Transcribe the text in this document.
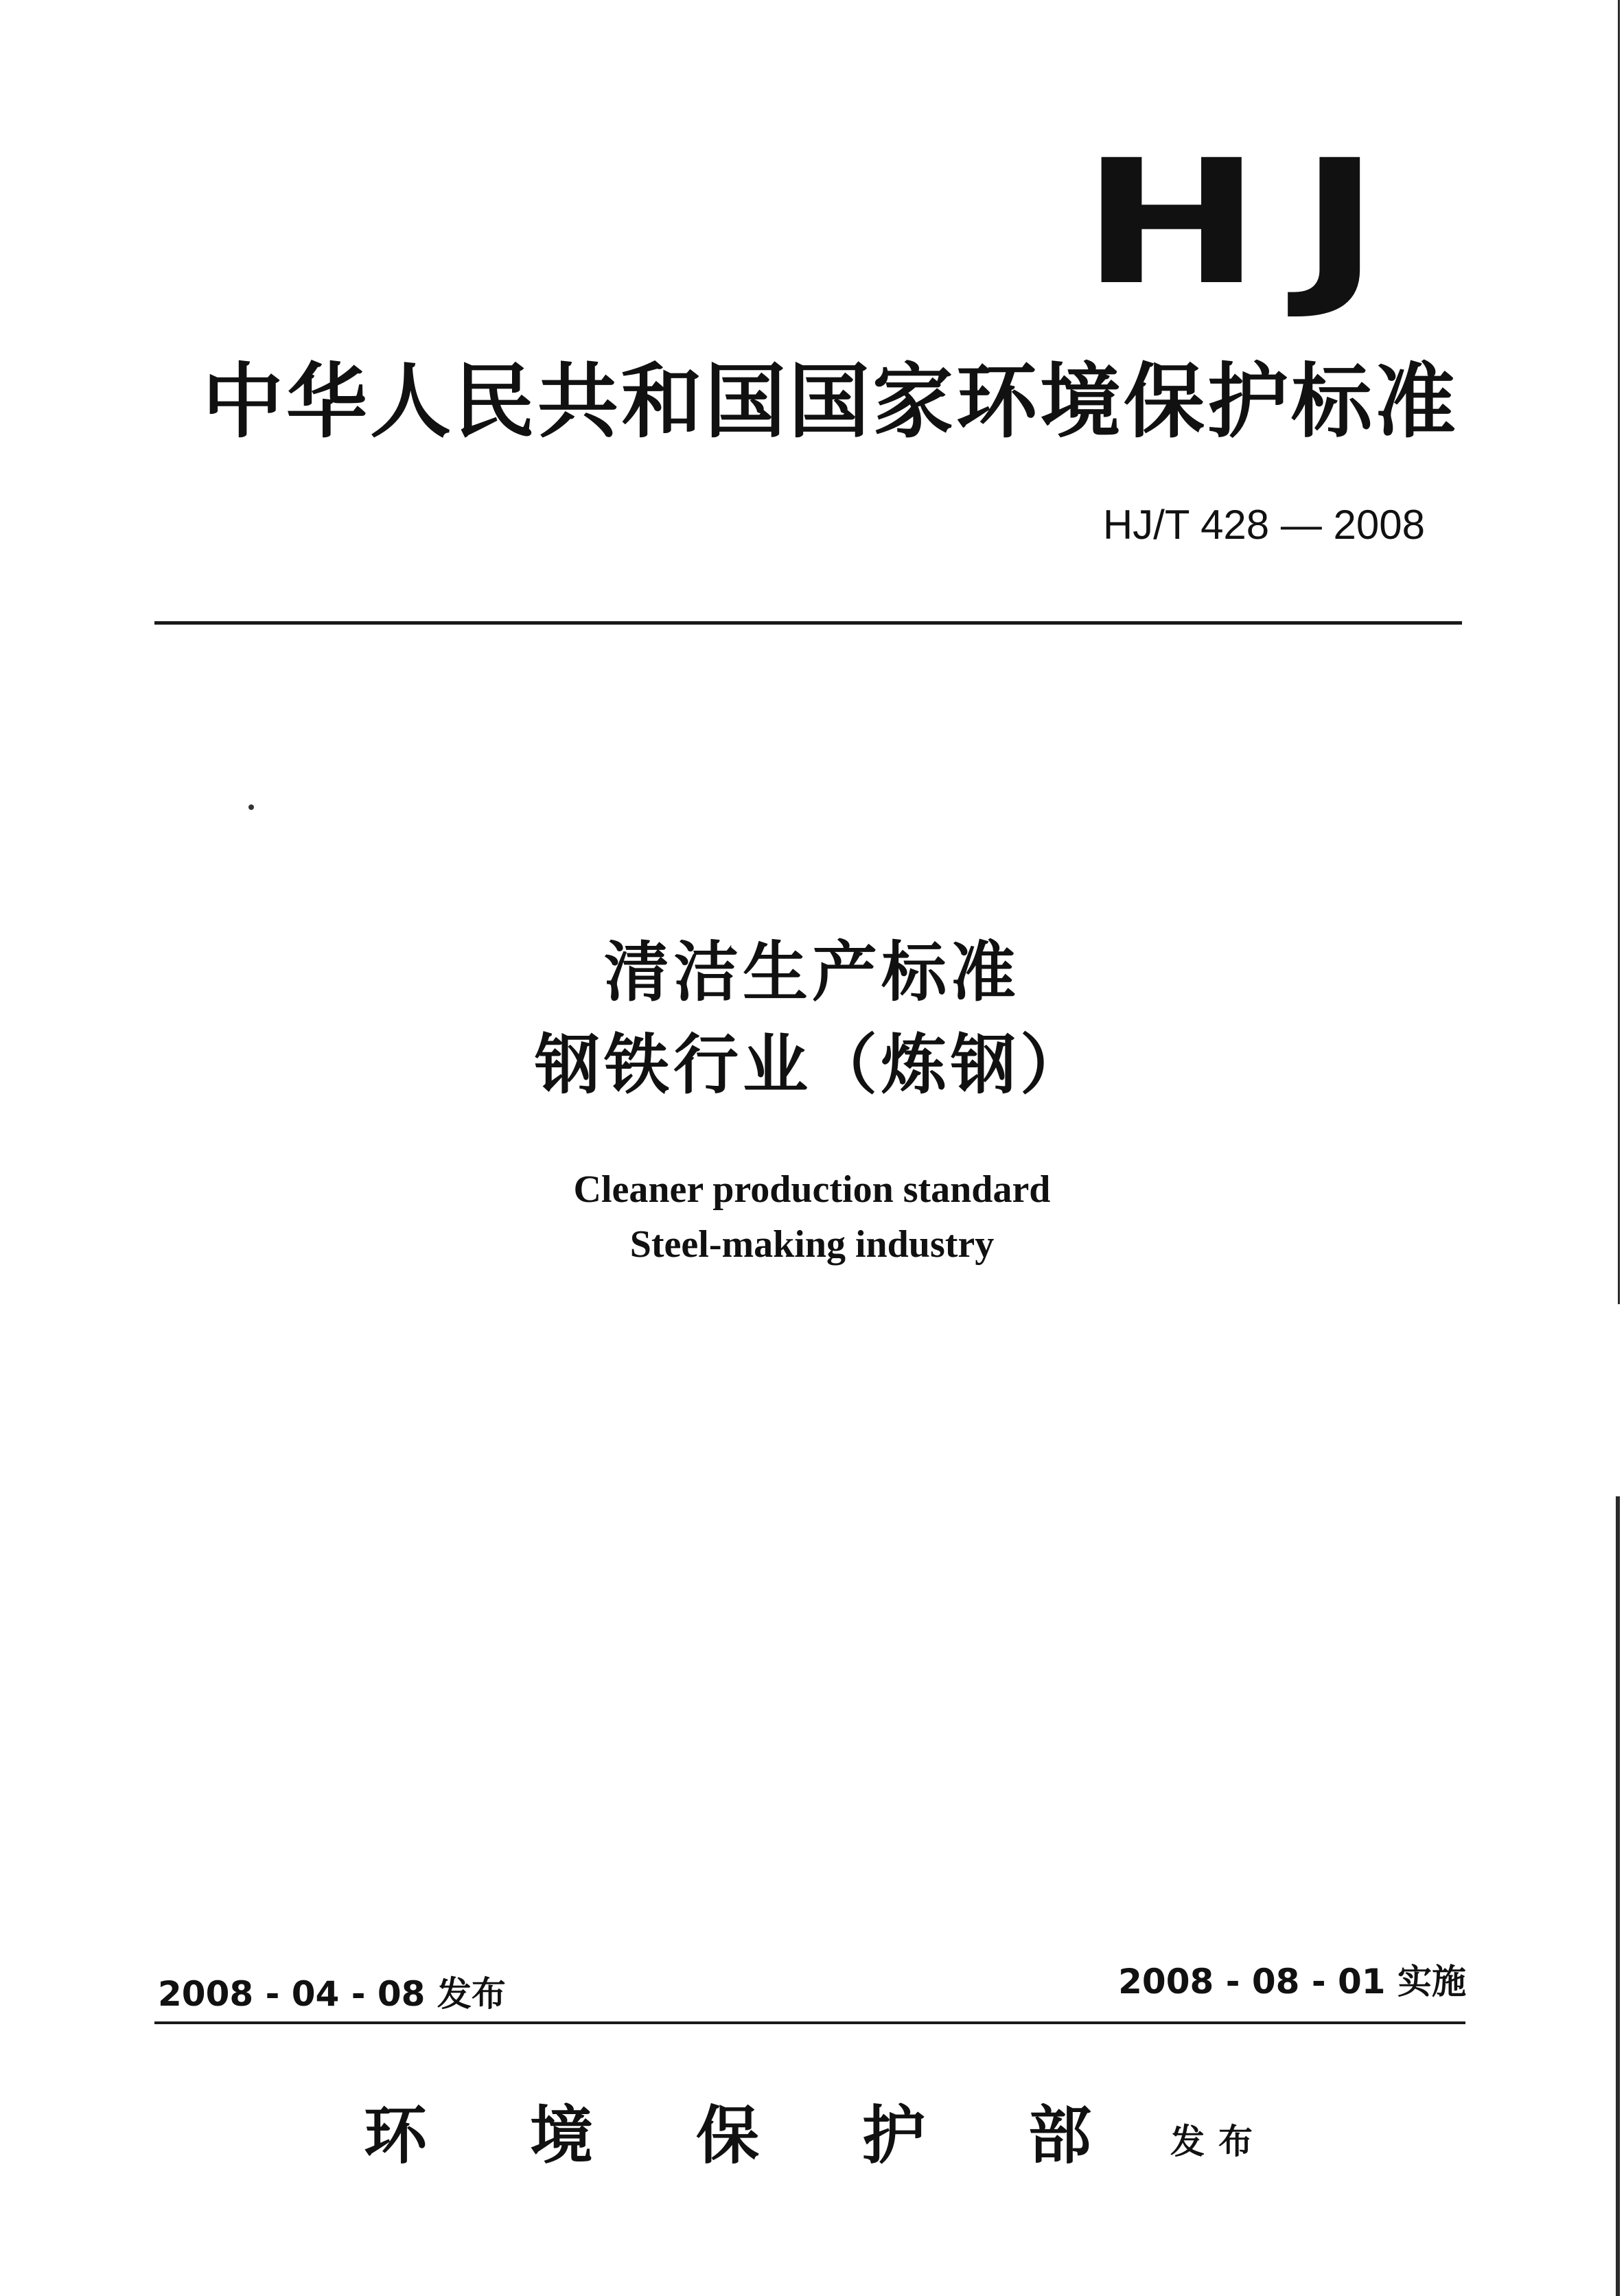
HJ
中华人民共和国国家环境保护标准
HJ/T 428 — 2008
清洁生产标准
钢铁行业（炼钢）
Cleaner production standard
Steel-making industry
2008 - 04 - 08 发布	2008 - 08 - 01 实施
环 境 保 护 部 发布
